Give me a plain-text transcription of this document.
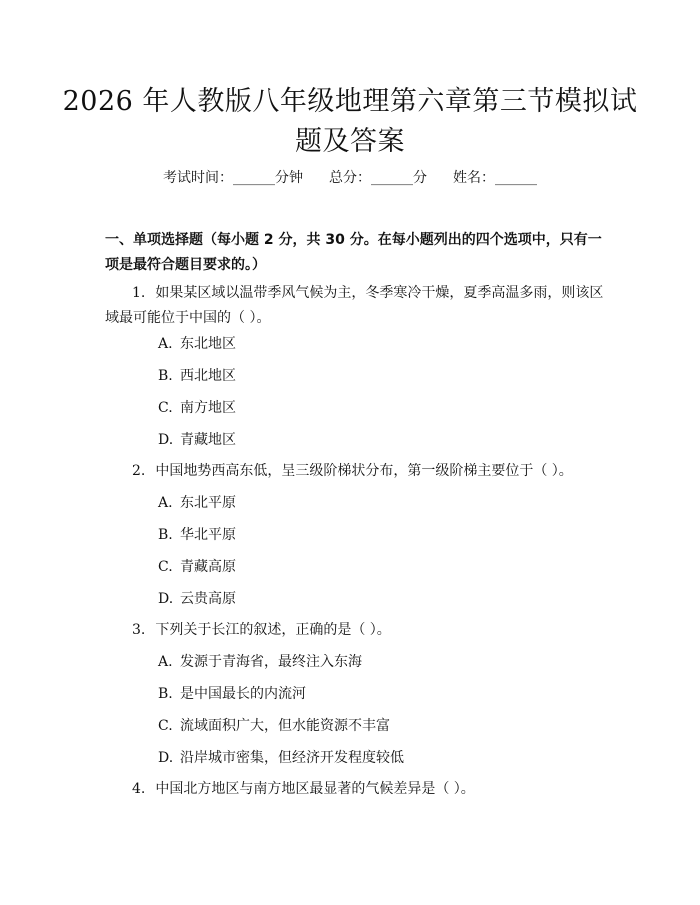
2026 年人教版八年级地理第六章第三节模拟试题及答案
考试时间：______分钟 总分：______分 姓名：______
一、单项选择题（每小题 2 分，共 30 分。在每小题列出的四个选项中，只有一项是最符合题目要求的。）
1. 如果某区域以温带季风气候为主，冬季寒冷干燥，夏季高温多雨，则该区域最可能位于中国的（ ）。
A. 东北地区
B. 西北地区
C. 南方地区
D. 青藏地区
2. 中国地势西高东低，呈三级阶梯状分布，第一级阶梯主要位于（ ）。
A. 东北平原
B. 华北平原
C. 青藏高原
D. 云贵高原
3. 下列关于长江的叙述，正确的是（ ）。
A. 发源于青海省，最终注入东海
B. 是中国最长的内流河
C. 流域面积广大，但水能资源不丰富
D. 沿岸城市密集，但经济开发程度较低
4. 中国北方地区与南方地区最显著的气候差异是（ ）。
